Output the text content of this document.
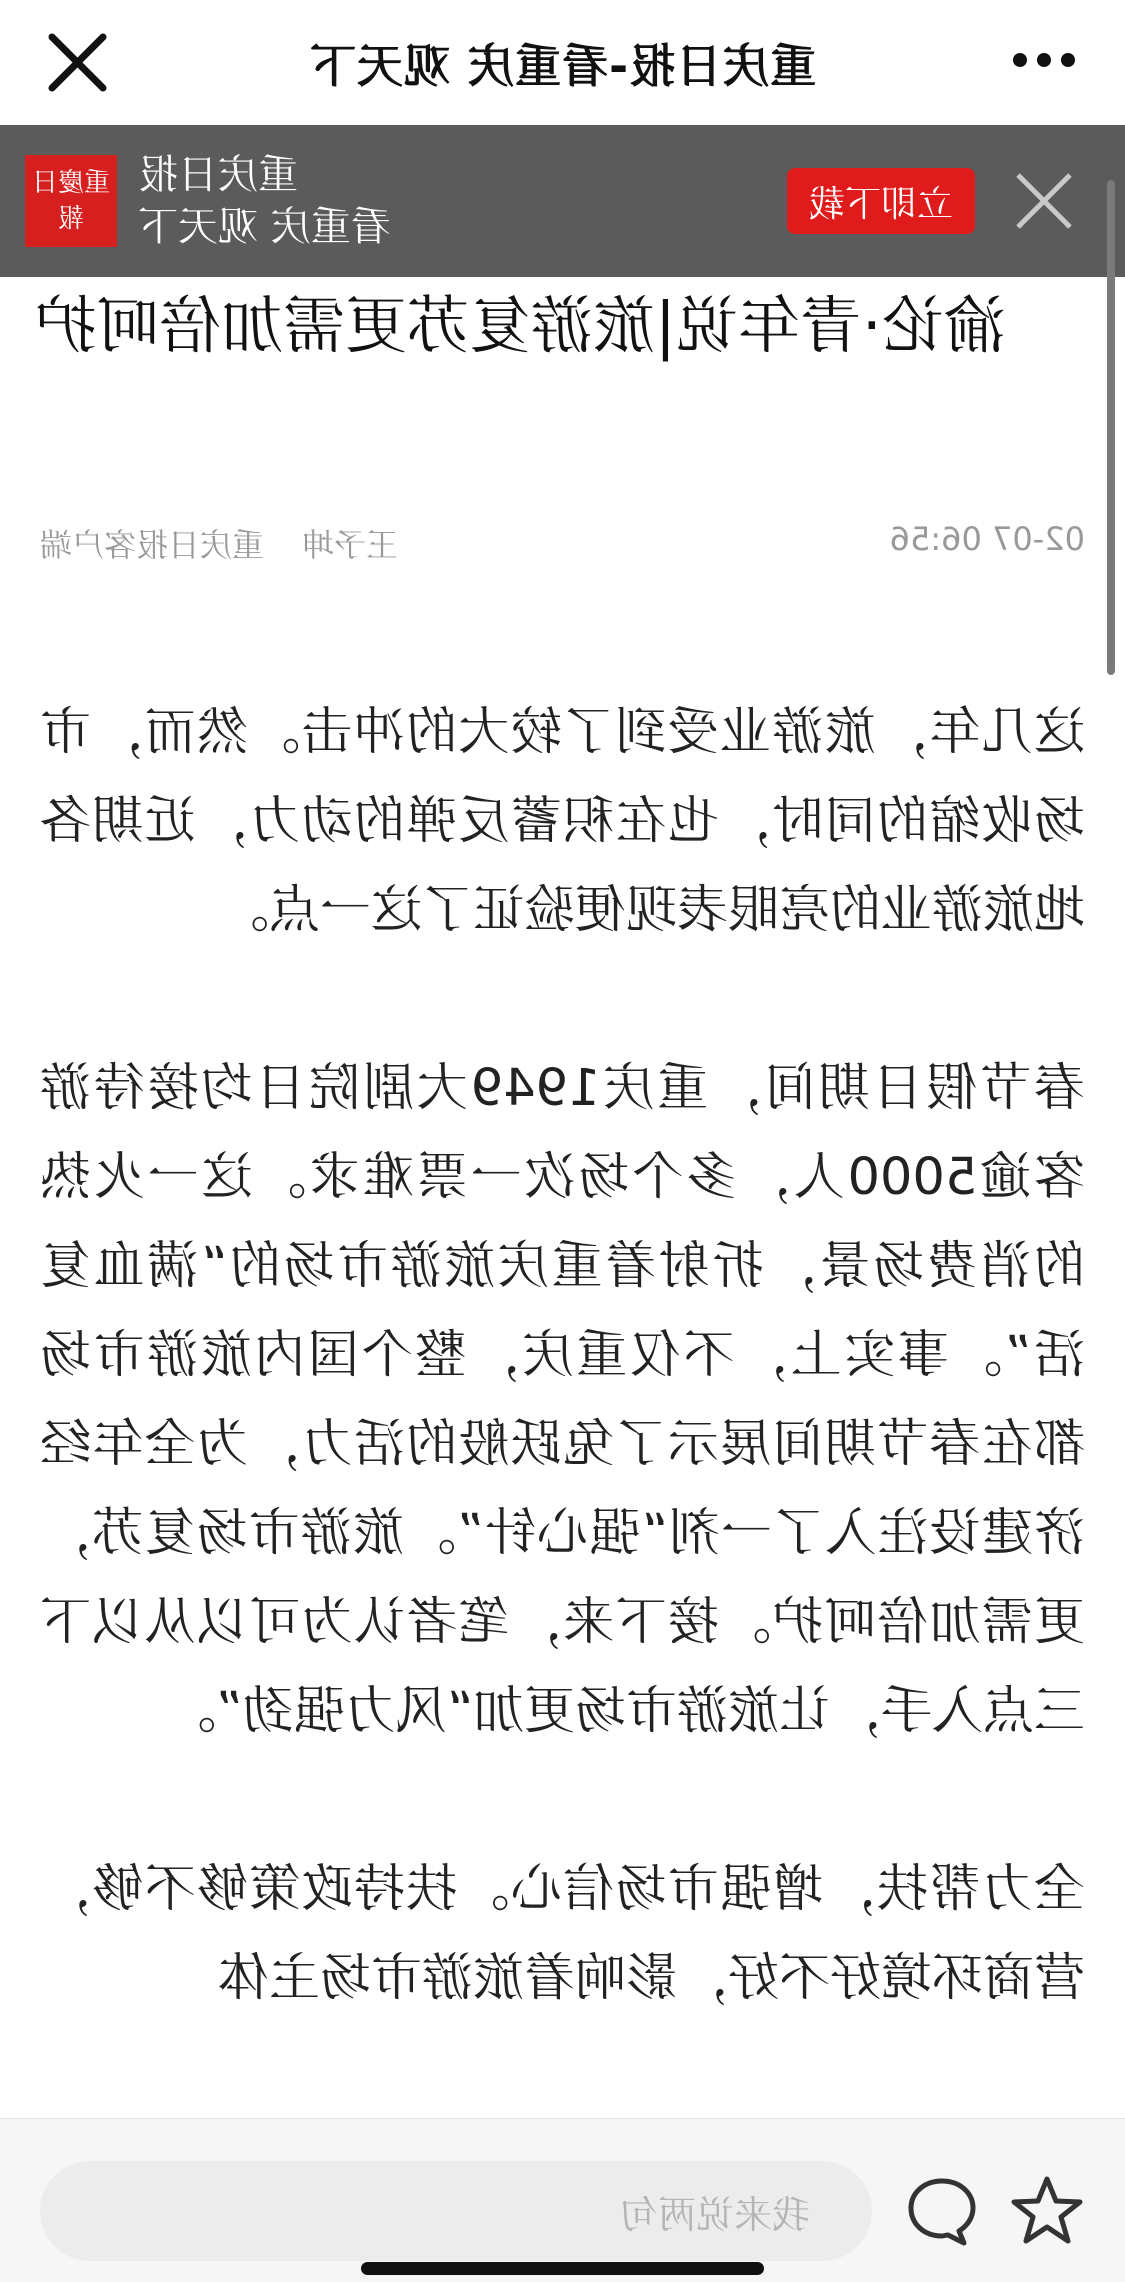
重庆日报-看重庆 观天下
立即下载
重庆日报
看重庆 观天下
重慶日報
渝论·青年说|旅游复苏更需加倍呵护
重庆日报客户端 王予坤	02-07 06:56

这几年，旅游业受到了较大的冲击。然而，市场收缩的同时，也在积蓄反弹的动力，近期各地旅游业的亮眼表现便验证了这一点。

春节假日期间，重庆1949大剧院日均接待游客逾5000人，多个场次一票难求。这一火热的消费场景，折射着重庆旅游市场的“满血复活”。事实上，不仅重庆，整个国内旅游市场都在春节期间展示了兔跃般的活力，为全年经济建设注入了一剂“强心针”。旅游市场复苏，更需加倍呵护。接下来，笔者认为可以从以下三点入手，让旅游市场更加“风力强劲”。

全力帮扶，增强市场信心。扶持政策够不够，营商环境好不好，影响着旅游市场主体

我来说两句
